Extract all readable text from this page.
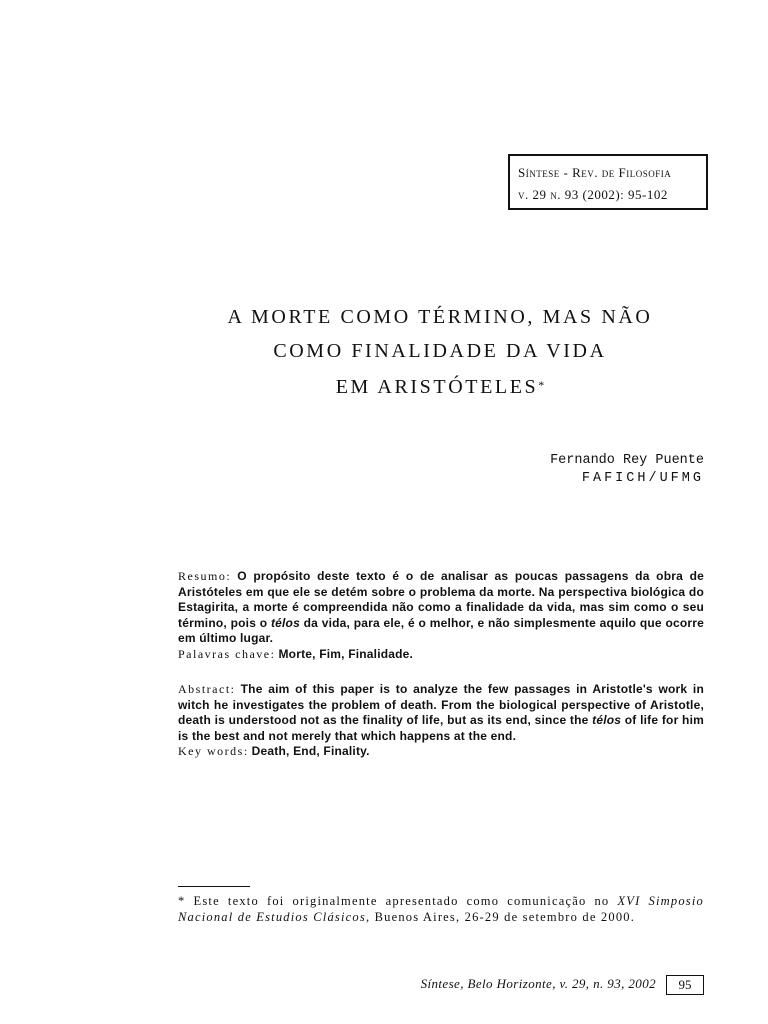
Síntese - Rev. de Filosofia
v. 29 n. 93 (2002): 95-102
A MORTE COMO TÉRMINO, MAS NÃO
COMO FINALIDADE DA VIDA
EM ARISTÓTELES*
Fernando Rey Puente
FAFICH/UFMG
Resumo: O propósito deste texto é o de analisar as poucas passagens da obra de Aristóteles em que ele se detém sobre o problema da morte. Na perspectiva biológica do Estagirita, a morte é compreendida não como a finalidade da vida, mas sim como o seu término, pois o télos da vida, para ele, é o melhor, e não simplesmente aquilo que ocorre em último lugar.
Palavras chave: Morte, Fim, Finalidade.
Abstract: The aim of this paper is to analyze the few passages in Aristotle's work in witch he investigates the problem of death. From the biological perspective of Aristotle, death is understood not as the finality of life, but as its end, since the télos of life for him is the best and not merely that which happens at the end.
Key words: Death, End, Finality.
* Este texto foi originalmente apresentado como comunicação no XVI Simposio Nacional de Estudios Clásicos, Buenos Aires, 26-29 de setembro de 2000.
Síntese, Belo Horizonte, v. 29, n. 93, 2002	95
